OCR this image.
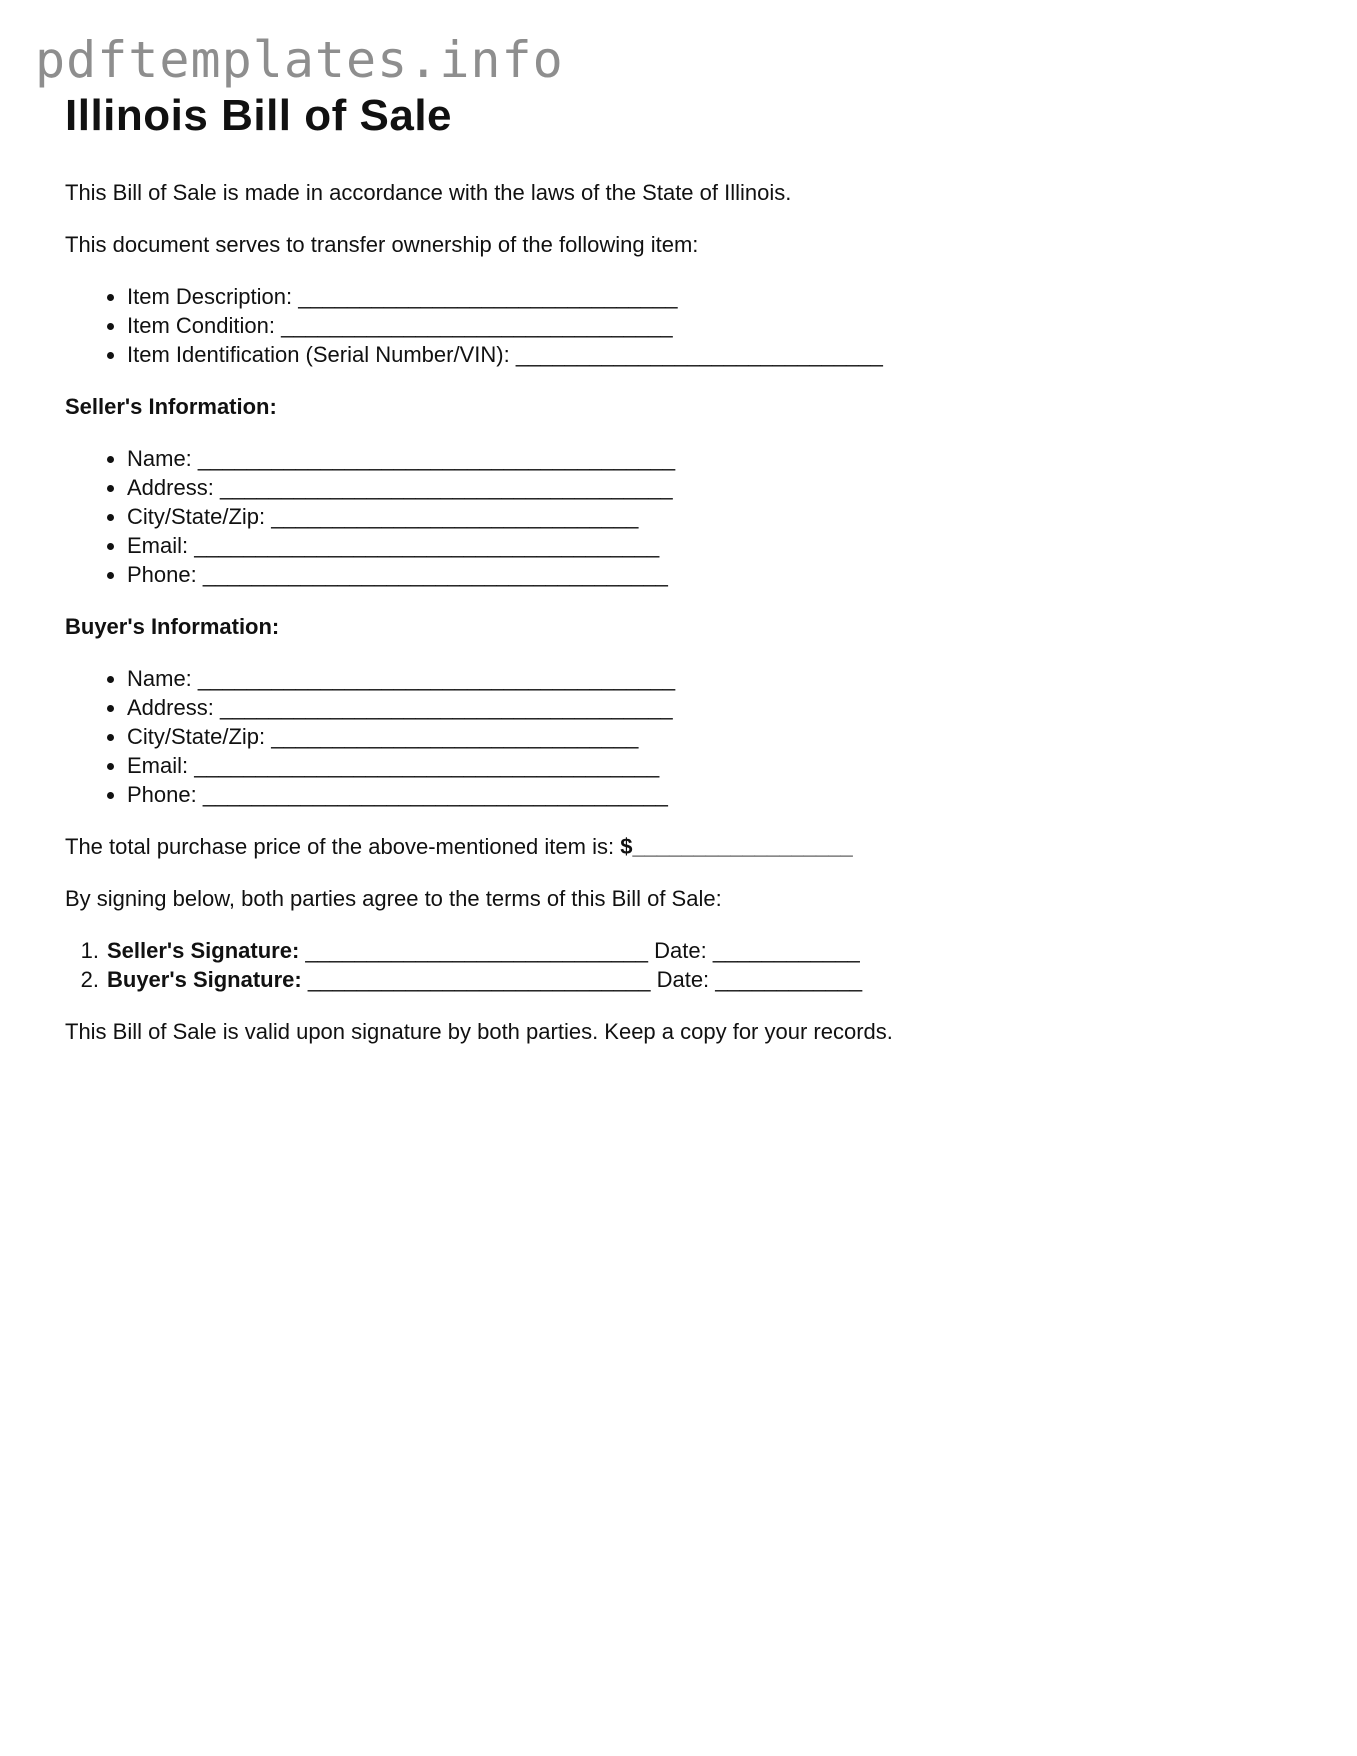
pdftemplates.info
Illinois Bill of Sale

This Bill of Sale is made in accordance with the laws of the State of Illinois.

This document serves to transfer ownership of the following item:

• Item Description: _______________________________
• Item Condition: ________________________________
• Item Identification (Serial Number/VIN): ______________________________
Seller's Information:
• Name: _______________________________________
• Address: _____________________________________
• City/State/Zip: ______________________________
• Email: ______________________________________
• Phone: ______________________________________
Buyer's Information:
• Name: _______________________________________
• Address: _____________________________________
• City/State/Zip: ______________________________
• Email: ______________________________________
• Phone: ______________________________________

The total purchase price of the above-mentioned item is: $__________________

By signing below, both parties agree to the terms of this Bill of Sale:

1. Seller's Signature: ____________________________ Date: ____________
2. Buyer's Signature: ____________________________ Date: ____________

This Bill of Sale is valid upon signature by both parties. Keep a copy for your records.
